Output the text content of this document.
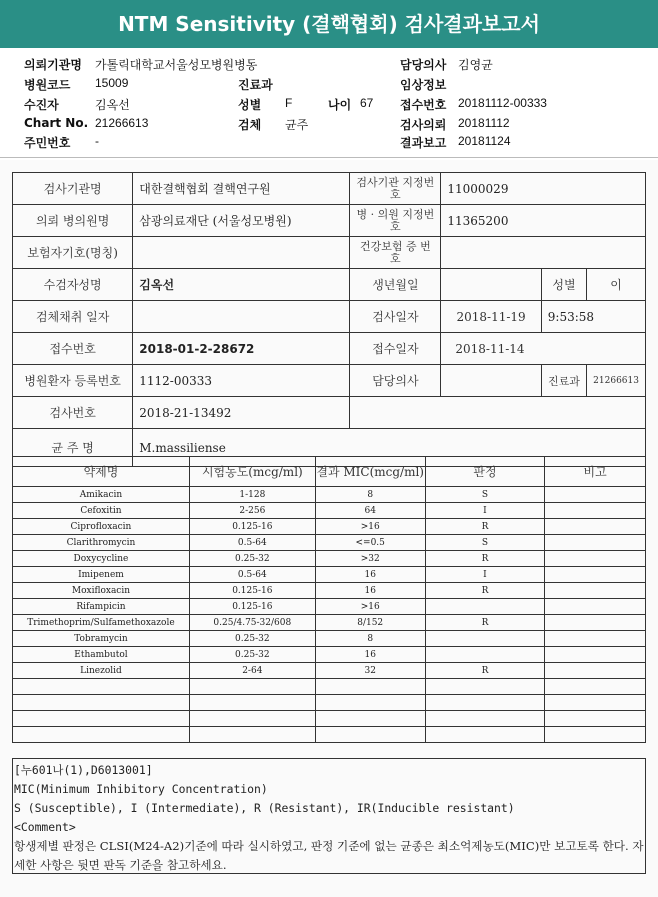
NTM Sensitivity (결핵협회) 검사결과보고서
의뢰기관명 가톨릭대학교서울성모병원병동
병원코드 15009
수진자	김옥선
Chart No. 21266613
주민번호 -
진료과
성별 F	나이 67
검체 균주
담당의사 김영균
임상정보
접수번호 20181112-00333
검사의뢰 20181112
결과보고 20181124
검사기관명	대한결핵협회 결핵연구원	검사기관 지정번호	11000029		
의뢰 병의원명	삼광의료재단 (서울성모병원)	병 · 의원 지정번호	11365200		
보험자기호(명칭)		건강보험 증 번 호			
수검자성명	김옥선	생년월일		성별	이
검체채취 일자		검사일자	2018-11-19	9:53:58	
접수번호	2018-01-2-28672	접수일자	2018-11-14		
병원환자 등록번호	1112-00333	담당의사		진료과	21266613
검사번호	2018-21-13492				
균 주 명	M.massiliense				
약제명	시험농도(mcg/ml)	결과 MIC(mcg/ml)	판정	비고
Amikacin	1-128	8	S	
Cefoxitin	2-256	64	I	
Ciprofloxacin	0.125-16	>16	R	
Clarithromycin	0.5-64	<=0.5	S	
Doxycycline	0.25-32	>32	R	
Imipenem	0.5-64	16	I	
Moxifloxacin	0.125-16	16	R	
Rifampicin	0.125-16	>16		
Trimethoprim/Sulfamethoxazole	0.25/4.75-32/608	8/152	R	
Tobramycin	0.25-32	8		
Ethambutol	0.25-32	16		
Linezolid	2-64	32	R	

[누601나(1),D6013001]
MIC(Minimum Inhibitory Concentration)
S (Susceptible), I (Intermediate), R (Resistant), IR(Inducible resistant)
<Comment>
항생제별 판정은 CLSI(M24-A2)기준에 따라 실시하였고, 판정 기준에 없는 균종은 최소억제농도(MIC)만 보고토록 한다. 자세한 사항은 뒷면 판독 기준을 참고하세요.
